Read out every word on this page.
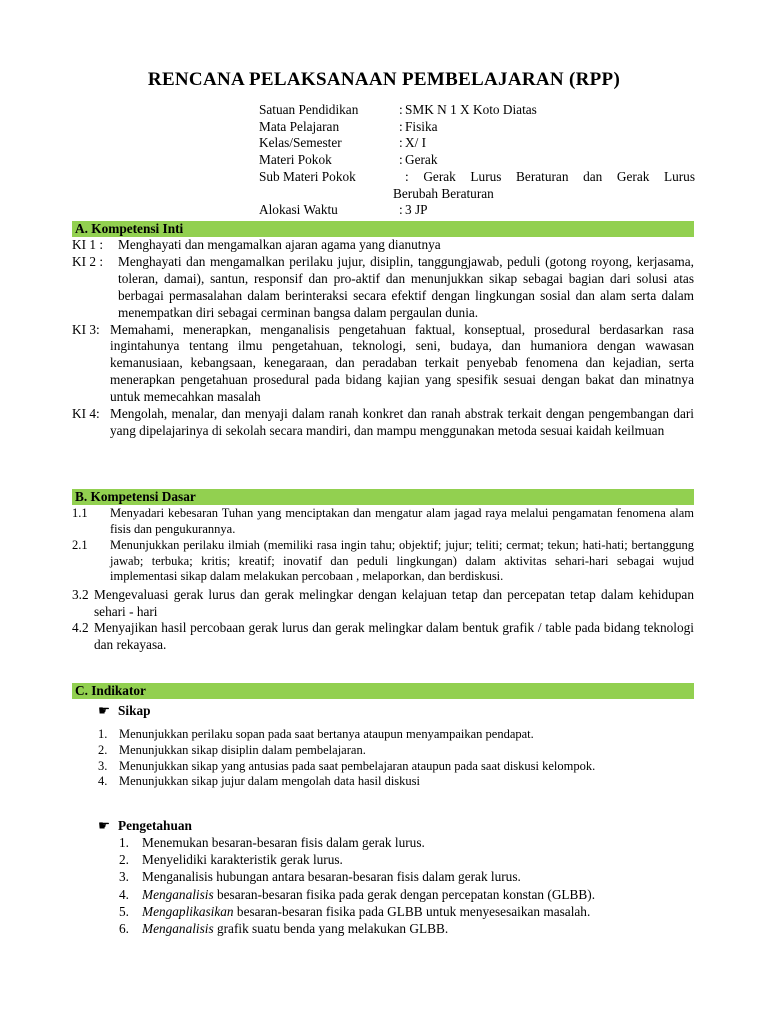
RENCANA PELAKSANAAN PEMBELAJARAN (RPP)
Satuan Pendidikan	: SMK N 1 X Koto Diatas
Mata Pelajaran	: Fisika
Kelas/Semester	: X/ I
Materi Pokok	: Gerak
Sub Materi Pokok	: Gerak Lurus Beraturan dan Gerak Lurus
Berubah Beraturan
Alokasi Waktu	: 3 JP
A. Kompetensi Inti
KI 1 :	Menghayati dan mengamalkan ajaran agama yang dianutnya
KI 2 :	Menghayati dan mengamalkan perilaku jujur, disiplin, tanggungjawab, peduli (gotong royong, kerjasama, toleran, damai), santun, responsif dan pro-aktif dan menunjukkan sikap sebagai bagian dari solusi atas berbagai permasalahan dalam berinteraksi secara efektif dengan lingkungan sosial dan alam serta dalam menempatkan diri sebagai cerminan bangsa dalam pergaulan dunia.
KI 3: Memahami, menerapkan, menganalisis pengetahuan faktual, konseptual, prosedural berdasarkan rasa ingintahunya tentang ilmu pengetahuan, teknologi, seni, budaya, dan humaniora dengan wawasan kemanusiaan, kebangsaan, kenegaraan, dan peradaban terkait penyebab fenomena dan kejadian, serta menerapkan pengetahuan prosedural pada bidang kajian yang spesifik sesuai dengan bakat dan minatnya untuk memecahkan masalah
KI 4: Mengolah, menalar, dan menyaji dalam ranah konkret dan ranah abstrak terkait dengan pengembangan dari yang dipelajarinya di sekolah secara mandiri, dan mampu menggunakan metoda sesuai kaidah keilmuan
B. Kompetensi Dasar
1.1	Menyadari kebesaran Tuhan yang menciptakan dan mengatur alam jagad raya melalui pengamatan fenomena alam fisis dan pengukurannya.
2.1	Menunjukkan perilaku ilmiah (memiliki rasa ingin tahu; objektif; jujur; teliti; cermat; tekun; hati-hati; bertanggung jawab; terbuka; kritis; kreatif; inovatif dan peduli lingkungan) dalam aktivitas sehari-hari sebagai wujud implementasi sikap dalam melakukan percobaan , melaporkan, dan berdiskusi.
3.2 Mengevaluasi gerak lurus dan gerak melingkar dengan kelajuan tetap dan percepatan tetap dalam kehidupan sehari - hari
4.2 Menyajikan hasil percobaan gerak lurus dan gerak melingkar dalam bentuk grafik / table pada bidang teknologi dan rekayasa.
C. Indikator
☛ Sikap
1. Menunjukkan perilaku sopan pada saat bertanya ataupun menyampaikan pendapat.
2. Menunjukkan sikap disiplin dalam pembelajaran.
3. Menunjukkan sikap yang antusias pada saat pembelajaran ataupun pada saat diskusi kelompok.
4. Menunjukkan sikap jujur dalam mengolah data hasil diskusi
☛ Pengetahuan
1. Menemukan besaran-besaran fisis dalam gerak lurus.
2. Menyelidiki karakteristik gerak lurus.
3. Menganalisis hubungan antara besaran-besaran fisis dalam gerak lurus.
4. Menganalisis besaran-besaran fisika pada gerak dengan percepatan konstan (GLBB).
5. Mengaplikasikan besaran-besaran fisika pada GLBB untuk menyesesaikan masalah.
6. Menganalisis grafik suatu benda yang melakukan GLBB.
